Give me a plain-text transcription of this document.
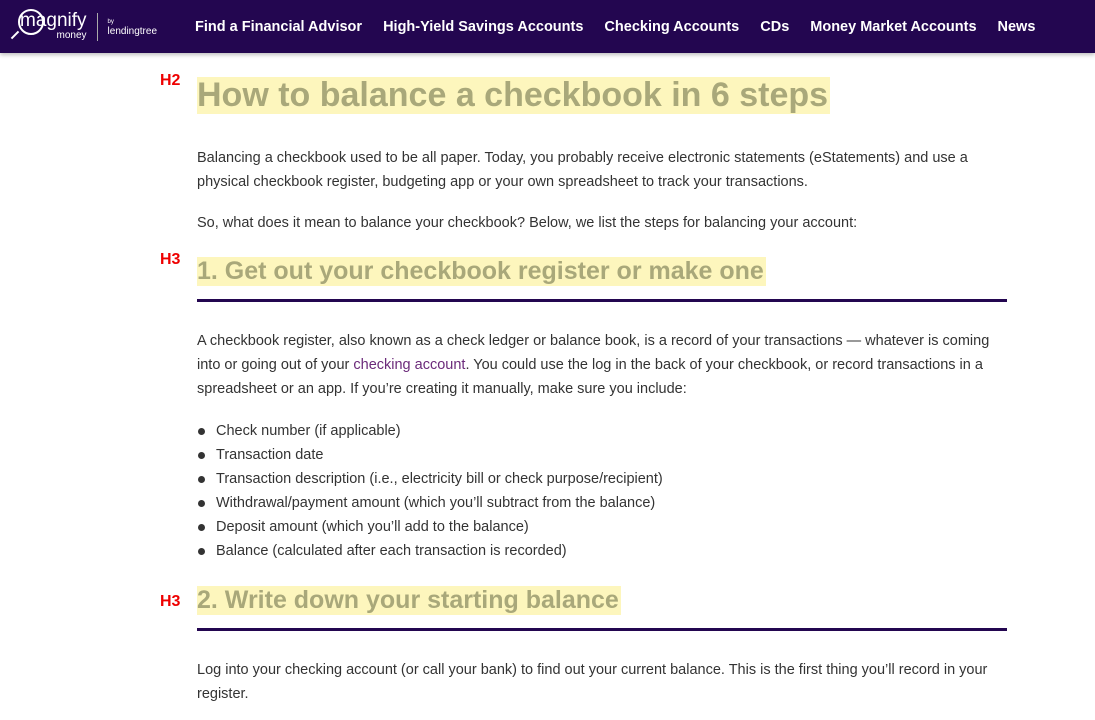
magnify
money
by
lendingtree	Find a Financial Advisor High-Yield Savings Accounts Checking Accounts CDs Money Market Accounts News
H2 How to balance a checkbook in 6 steps

Balancing a checkbook used to be all paper. Today, you probably receive electronic statements (eStatements) and use a physical checkbook register, budgeting app or your own spreadsheet to track your transactions.

So, what does it mean to balance your checkbook? Below, we list the steps for balancing your account:

H3 1. Get out your checkbook register or make one

A checkbook register, also known as a check ledger or balance book, is a record of your transactions — whatever is coming into or going out of your checking account. You could use the log in the back of your checkbook, or record transactions in a spreadsheet or an app. If you’re creating it manually, make sure you include:

Check number (if applicable)
Transaction date
Transaction description (i.e., electricity bill or check purpose/recipient)
Withdrawal/payment amount (which you’ll subtract from the balance)
Deposit amount (which you’ll add to the balance)
Balance (calculated after each transaction is recorded)
H3 2. Write down your starting balance

Log into your checking account (or call your bank) to find out your current balance. This is the first thing you’ll record in your register.
